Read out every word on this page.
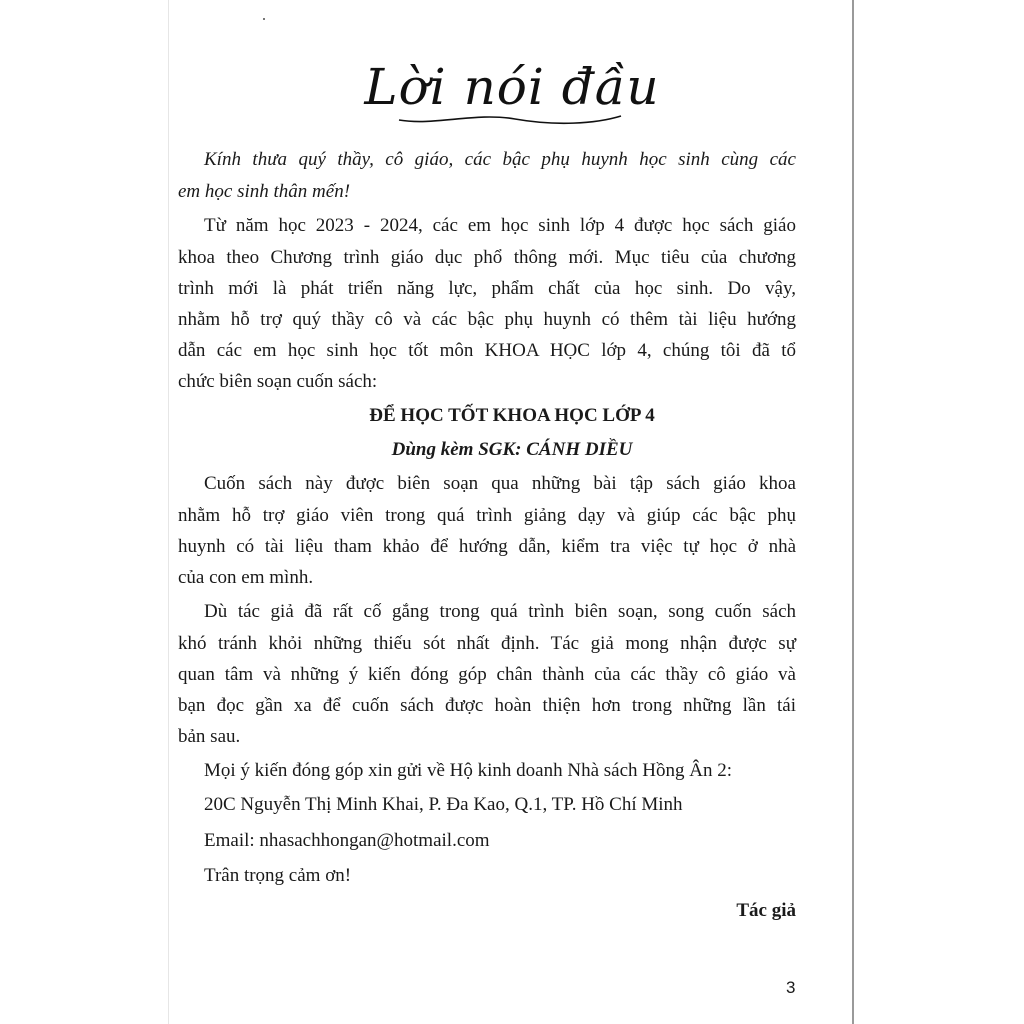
Lời nói đầu
Kính thưa quý thầy, cô giáo, các bậc phụ huynh học sinh cùng các
em học sinh thân mến!
Từ năm học 2023 - 2024, các em học sinh lớp 4 được học sách giáo
khoa theo Chương trình giáo dục phổ thông mới. Mục tiêu của chương
trình mới là phát triển năng lực, phẩm chất của học sinh. Do vậy,
nhằm hỗ trợ quý thầy cô và các bậc phụ huynh có thêm tài liệu hướng
dẫn các em học sinh học tốt môn KHOA HỌC lớp 4, chúng tôi đã tổ
chức biên soạn cuốn sách:
ĐỂ HỌC TỐT KHOA HỌC LỚP 4
Dùng kèm SGK: CÁNH DIỀU
Cuốn sách này được biên soạn qua những bài tập sách giáo khoa
nhằm hỗ trợ giáo viên trong quá trình giảng dạy và giúp các bậc phụ
huynh có tài liệu tham khảo để hướng dẫn, kiểm tra việc tự học ở nhà
của con em mình.
Dù tác giả đã rất cố gắng trong quá trình biên soạn, song cuốn sách
khó tránh khỏi những thiếu sót nhất định. Tác giả mong nhận được sự
quan tâm và những ý kiến đóng góp chân thành của các thầy cô giáo và
bạn đọc gần xa để cuốn sách được hoàn thiện hơn trong những lần tái
bản sau.
Mọi ý kiến đóng góp xin gửi về Hộ kinh doanh Nhà sách Hồng Ân 2:
20C Nguyễn Thị Minh Khai, P. Đa Kao, Q.1, TP. Hồ Chí Minh
Email: nhasachhongan@hotmail.com
Trân trọng cảm ơn!
Tác giả
3
